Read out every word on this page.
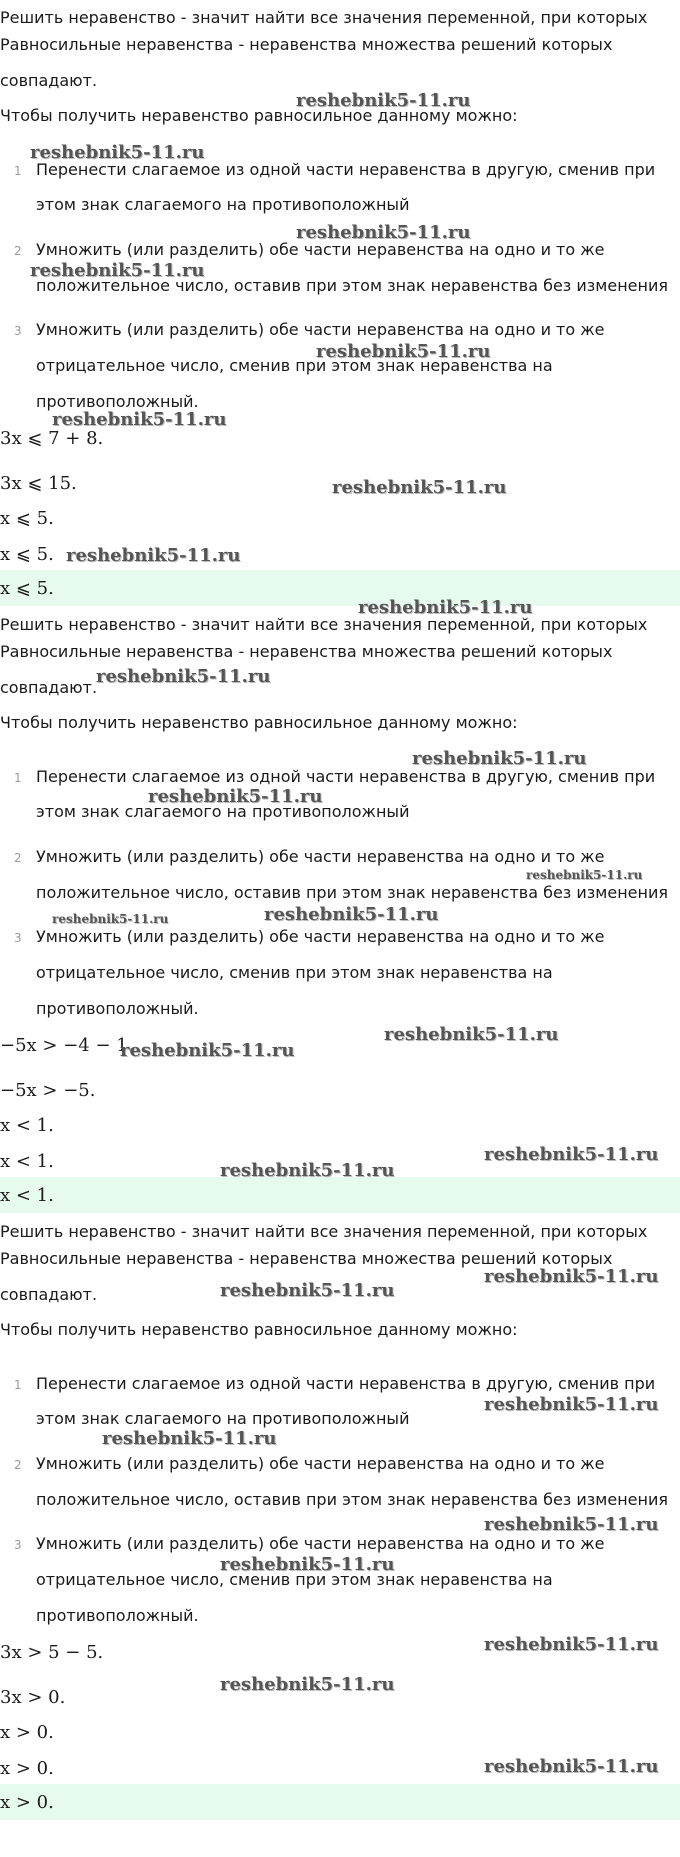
Решить неравенство - значит найти все значения переменной, при которых
Равносильные неравенства - неравенства множества решений которых
совпадают.
Чтобы получить неравенство равносильное данному можно:
1 Перенести слагаемое из одной части неравенства в другую, сменив при
этом знак слагаемого на противоположный
2 Умножить (или разделить) обе части неравенства на одно и то же
положительное число, оставив при этом знак неравенства без изменения
3 Умножить (или разделить) обе части неравенства на одно и то же
отрицательное число, сменив при этом знак неравенства на
противоположный.
3x ⩽ 7 + 8.
3x ⩽ 15.
x ⩽ 5.
x ⩽ 5.
x ⩽ 5.
Решить неравенство - значит найти все значения переменной, при которых
Равносильные неравенства - неравенства множества решений которых
совпадают.
Чтобы получить неравенство равносильное данному можно:
1 Перенести слагаемое из одной части неравенства в другую, сменив при
этом знак слагаемого на противоположный
2 Умножить (или разделить) обе части неравенства на одно и то же
положительное число, оставив при этом знак неравенства без изменения
3 Умножить (или разделить) обе части неравенства на одно и то же
отрицательное число, сменив при этом знак неравенства на
противоположный.
−5x > −4 − 1.
−5x > −5.
x < 1.
x < 1.
x < 1.
Решить неравенство - значит найти все значения переменной, при которых
Равносильные неравенства - неравенства множества решений которых
совпадают.
Чтобы получить неравенство равносильное данному можно:
1 Перенести слагаемое из одной части неравенства в другую, сменив при
этом знак слагаемого на противоположный
2 Умножить (или разделить) обе части неравенства на одно и то же
положительное число, оставив при этом знак неравенства без изменения
3 Умножить (или разделить) обе части неравенства на одно и то же
отрицательное число, сменив при этом знак неравенства на
противоположный.
3x > 5 − 5.
3x > 0.
x > 0.
x > 0.
x > 0.
reshebnik5-11.ru
reshebnik5-11.ru
reshebnik5-11.ru
reshebnik5-11.ru
reshebnik5-11.ru
reshebnik5-11.ru
reshebnik5-11.ru
reshebnik5-11.ru
reshebnik5-11.ru
reshebnik5-11.ru
reshebnik5-11.ru
reshebnik5-11.ru
reshebnik5-11.ru
reshebnik5-11.ru	reshebnik5-11.ru
reshebnik5-11.ru
reshebnik5-11.ru
reshebnik5-11.ru
reshebnik5-11.ru
reshebnik5-11.ru
reshebnik5-11.ru
reshebnik5-11.ru
reshebnik5-11.ru
reshebnik5-11.ru
reshebnik5-11.ru
reshebnik5-11.ru
reshebnik5-11.ru
reshebnik5-11.ru
